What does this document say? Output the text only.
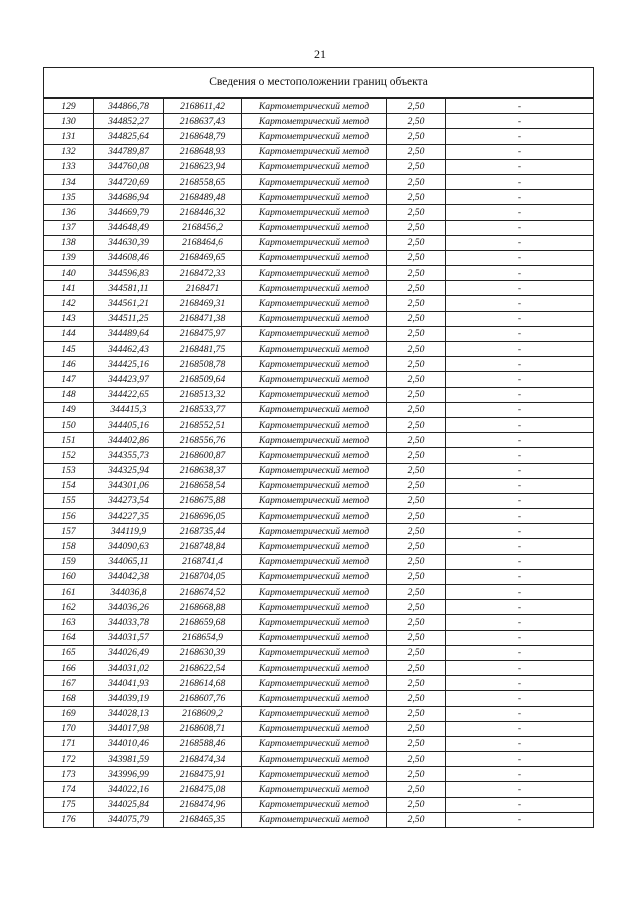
21
Сведения о местоположении границ объекта					
129	344866,78	2168611,42	Картометрический метод	2,50	-
130	344852,27	2168637,43	Картометрический метод	2,50	-
131	344825,64	2168648,79	Картометрический метод	2,50	-
132	344789,87	2168648,93	Картометрический метод	2,50	-
133	344760,08	2168623,94	Картометрический метод	2,50	-
134	344720,69	2168558,65	Картометрический метод	2,50	-
135	344686,94	2168489,48	Картометрический метод	2,50	-
136	344669,79	2168446,32	Картометрический метод	2,50	-
137	344648,49	2168456,2	Картометрический метод	2,50	-
138	344630,39	2168464,6	Картометрический метод	2,50	-
139	344608,46	2168469,65	Картометрический метод	2,50	-
140	344596,83	2168472,33	Картометрический метод	2,50	-
141	344581,11	2168471	Картометрический метод	2,50	-
142	344561,21	2168469,31	Картометрический метод	2,50	-
143	344511,25	2168471,38	Картометрический метод	2,50	-
144	344489,64	2168475,97	Картометрический метод	2,50	-
145	344462,43	2168481,75	Картометрический метод	2,50	-
146	344425,16	2168508,78	Картометрический метод	2,50	-
147	344423,97	2168509,64	Картометрический метод	2,50	-
148	344422,65	2168513,32	Картометрический метод	2,50	-
149	344415,3	2168533,77	Картометрический метод	2,50	-
150	344405,16	2168552,51	Картометрический метод	2,50	-
151	344402,86	2168556,76	Картометрический метод	2,50	-
152	344355,73	2168600,87	Картометрический метод	2,50	-
153	344325,94	2168638,37	Картометрический метод	2,50	-
154	344301,06	2168658,54	Картометрический метод	2,50	-
155	344273,54	2168675,88	Картометрический метод	2,50	-
156	344227,35	2168696,05	Картометрический метод	2,50	-
157	344119,9	2168735,44	Картометрический метод	2,50	-
158	344090,63	2168748,84	Картометрический метод	2,50	-
159	344065,11	2168741,4	Картометрический метод	2,50	-
160	344042,38	2168704,05	Картометрический метод	2,50	-
161	344036,8	2168674,52	Картометрический метод	2,50	-
162	344036,26	2168668,88	Картометрический метод	2,50	-
163	344033,78	2168659,68	Картометрический метод	2,50	-
164	344031,57	2168654,9	Картометрический метод	2,50	-
165	344026,49	2168630,39	Картометрический метод	2,50	-
166	344031,02	2168622,54	Картометрический метод	2,50	-
167	344041,93	2168614,68	Картометрический метод	2,50	-
168	344039,19	2168607,76	Картометрический метод	2,50	-
169	344028,13	2168609,2	Картометрический метод	2,50	-
170	344017,98	2168608,71	Картометрический метод	2,50	-
171	344010,46	2168588,46	Картометрический метод	2,50	-
172	343981,59	2168474,34	Картометрический метод	2,50	-
173	343996,99	2168475,91	Картометрический метод	2,50	-
174	344022,16	2168475,08	Картометрический метод	2,50	-
175	344025,84	2168474,96	Картометрический метод	2,50	-
176	344075,79	2168465,35	Картометрический метод	2,50	-
